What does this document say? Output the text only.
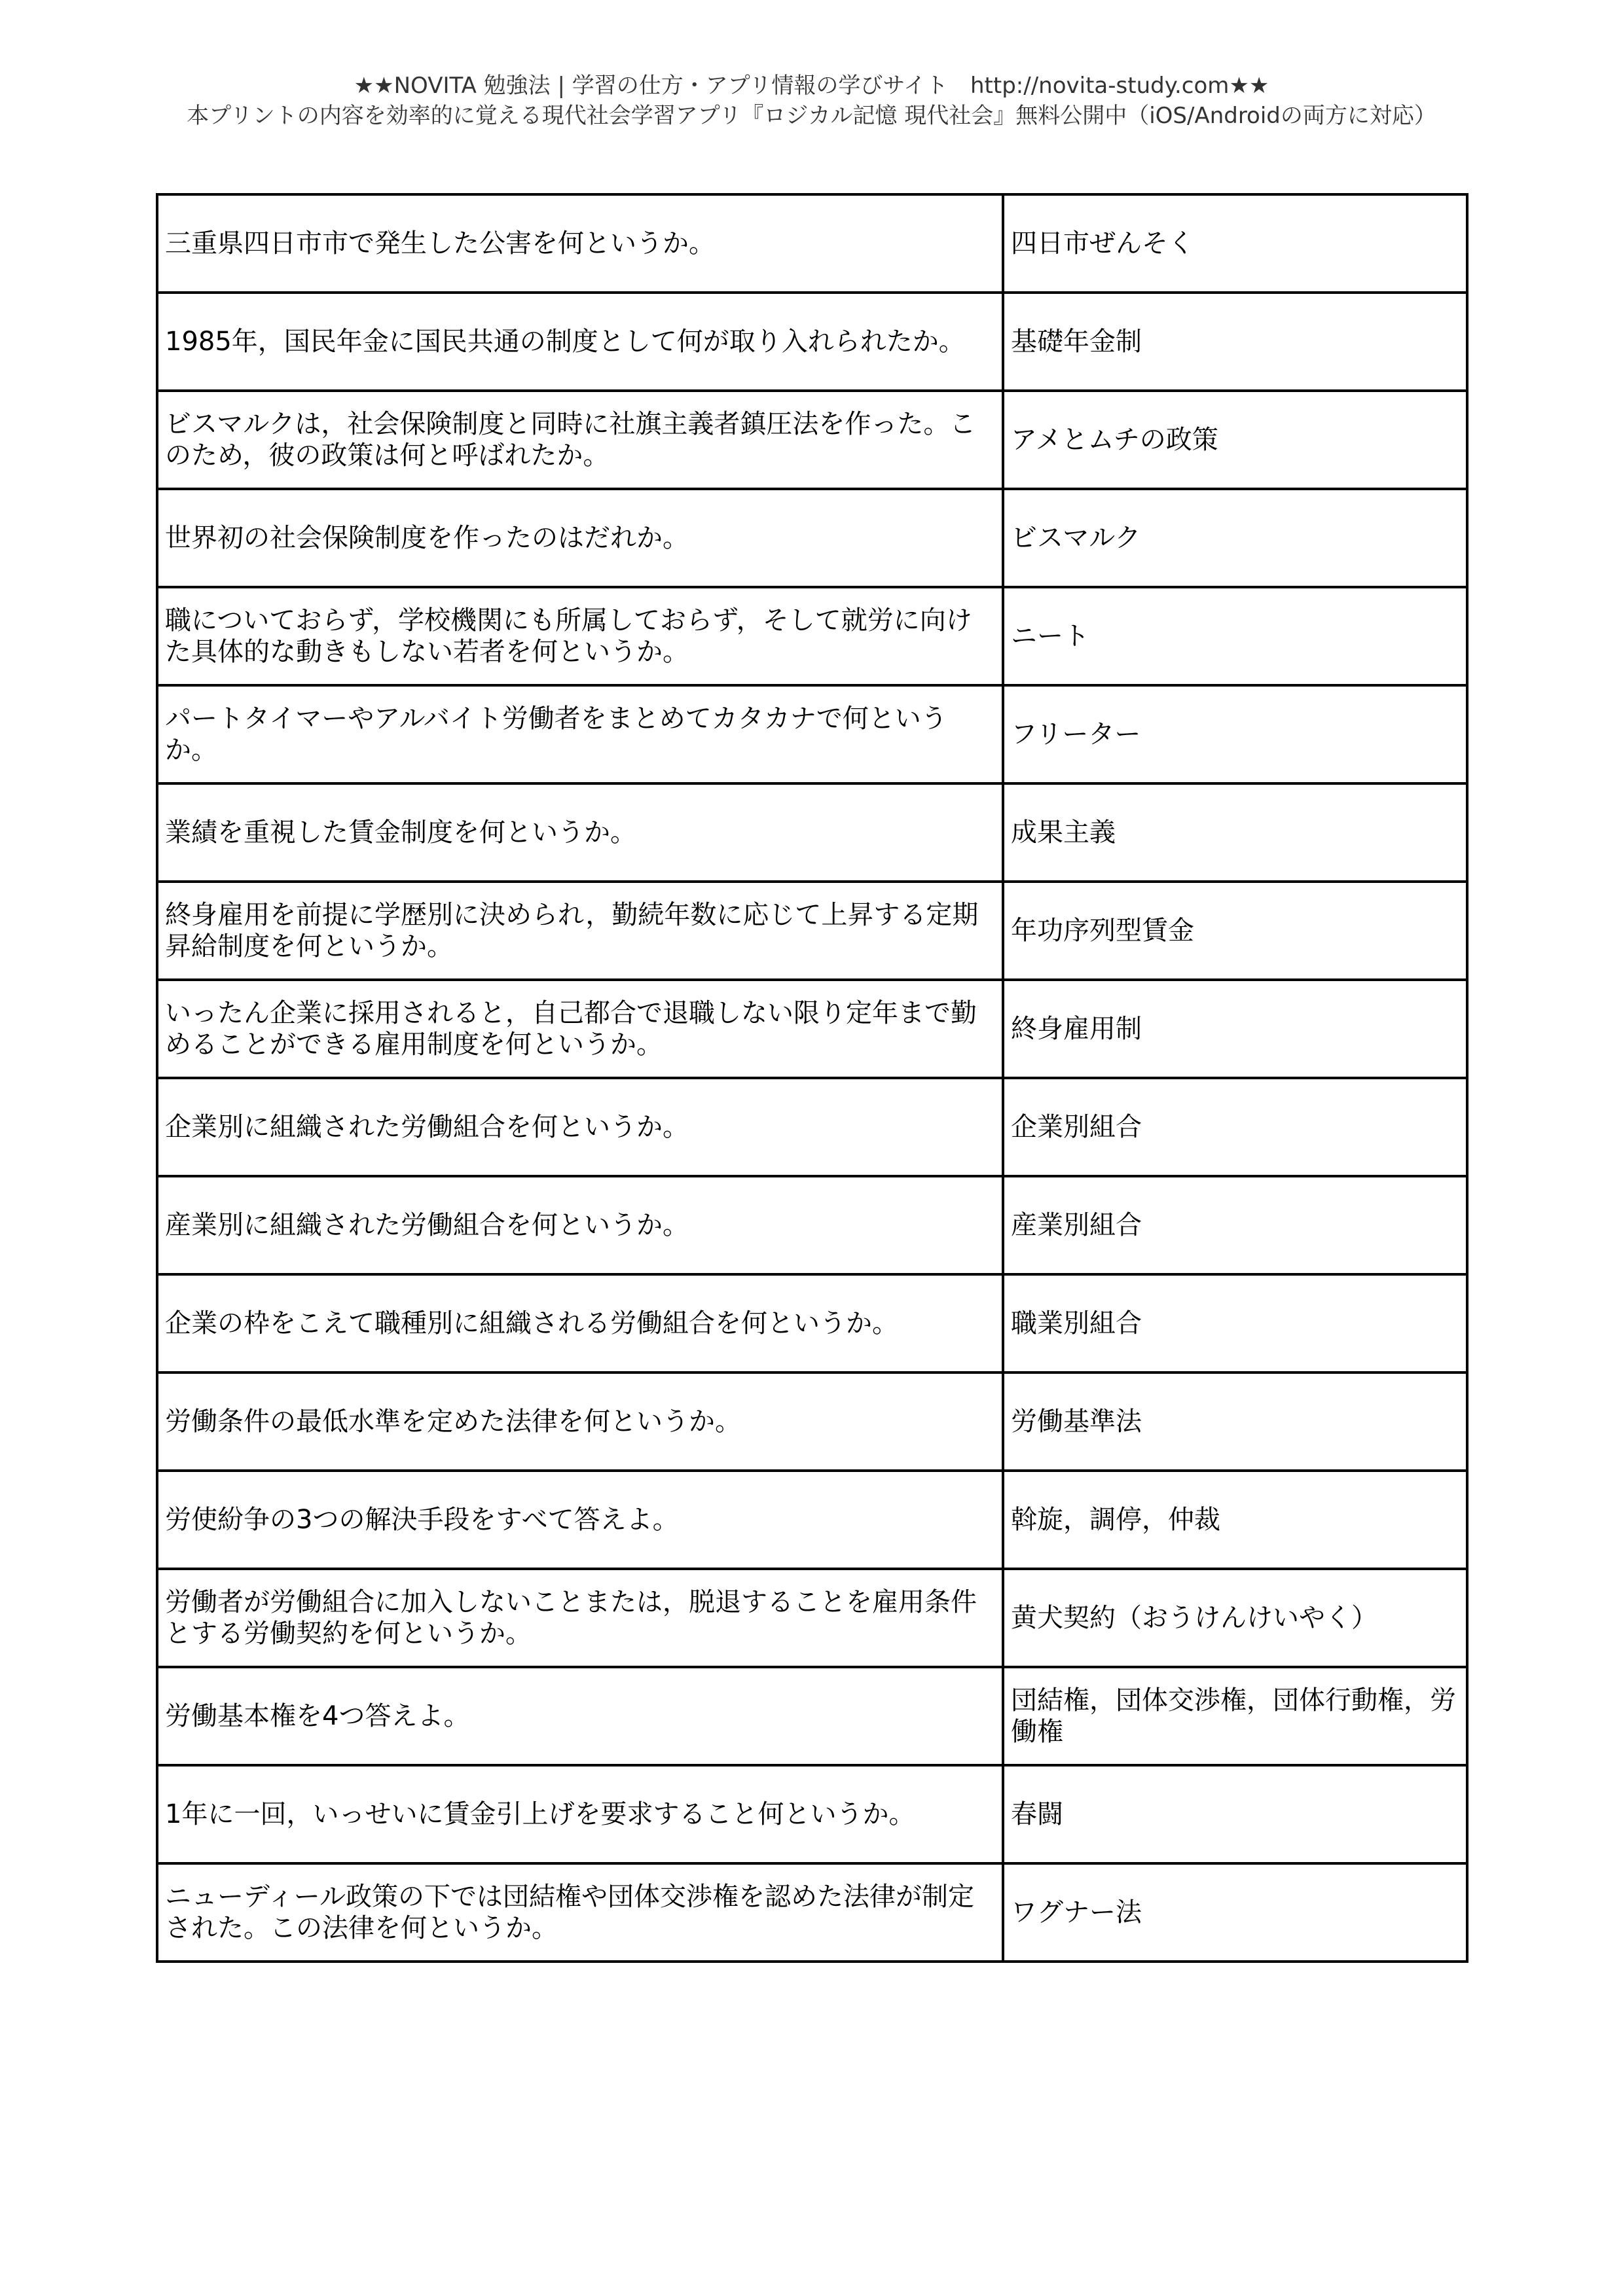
★★NOVITA 勉強法 | 学習の仕方・アプリ情報の学びサイト　http://novita-study.com★★
本プリントの内容を効率的に覚える現代社会学習アプリ『ロジカル記憶 現代社会』無料公開中（iOS/Androidの両方に対応）
三重県四日市市で発生した公害を何というか。	四日市ぜんそく
1985年，国民年金に国民共通の制度として何が取り入れられたか。	基礎年金制
ビスマルクは，社会保険制度と同時に社旗主義者鎮圧法を作った。このため，彼の政策は何と呼ばれたか。	アメとムチの政策
世界初の社会保険制度を作ったのはだれか。	ビスマルク
職についておらず，学校機関にも所属しておらず，そして就労に向けた具体的な動きもしない若者を何というか。	ニート
パートタイマーやアルバイト労働者をまとめてカタカナで何というか。	フリーター
業績を重視した賃金制度を何というか。	成果主義
終身雇用を前提に学歴別に決められ，勤続年数に応じて上昇する定期昇給制度を何というか。	年功序列型賃金
いったん企業に採用されると，自己都合で退職しない限り定年まで勤めることができる雇用制度を何というか。	終身雇用制
企業別に組織された労働組合を何というか。	企業別組合
産業別に組織された労働組合を何というか。	産業別組合
企業の枠をこえて職種別に組織される労働組合を何というか。	職業別組合
労働条件の最低水準を定めた法律を何というか。	労働基準法
労使紛争の3つの解決手段をすべて答えよ。	斡旋，調停，仲裁
労働者が労働組合に加入しないことまたは，脱退することを雇用条件とする労働契約を何というか。	黄犬契約（おうけんけいやく）
労働基本権を4つ答えよ。	団結権，団体交渉権，団体行動権，労働権
1年に一回，いっせいに賃金引上げを要求すること何というか。	春闘
ニューディール政策の下では団結権や団体交渉権を認めた法律が制定された。この法律を何というか。	ワグナー法
